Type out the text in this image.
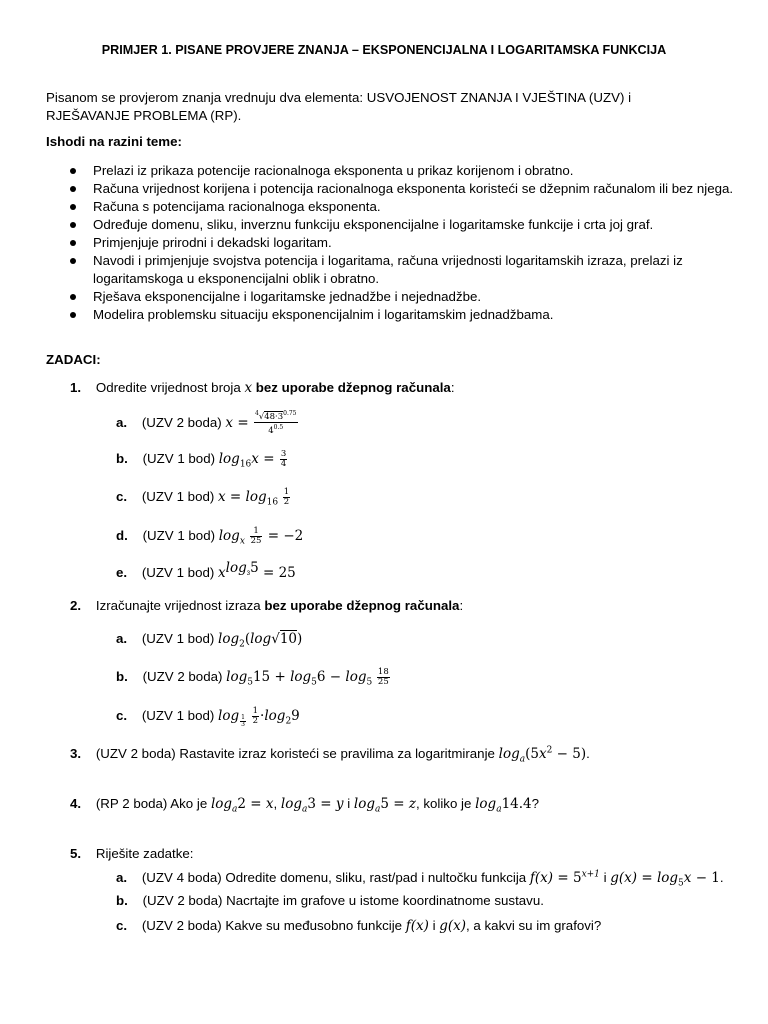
PRIMJER 1. PISANE PROVJERE ZNANJA – EKSPONENCIJALNA I LOGARITAMSKA FUNKCIJA
Pisanom se provjerom znanja vrednuju dva elementa: USVOJENOST ZNANJA I VJEŠTINA (UZV) i RJEŠAVANJE PROBLEMA (RP).
Ishodi na razini teme:
Prelazi iz prikaza potencije racionalnoga eksponenta u prikaz korijenom i obratno.
Računa vrijednost korijena i potencija racionalnoga eksponenta koristeći se džepnim računalom ili bez njega.
Računa s potencijama racionalnoga eksponenta.
Određuje domenu, sliku, inverznu funkciju eksponencijalne i logaritamske funkcije i crta joj graf.
Primjenjuje prirodni i dekadski logaritam.
Navodi i primjenjuje svojstva potencija i logaritama, računa vrijednosti logaritamskih izraza, prelazi iz logaritamskoga u eksponencijalni oblik i obratno.
Rješava eksponencijalne i logaritamske jednadžbe i nejednadžbe.
Modelira problemsku situaciju eksponencijalnim i logaritamskim jednadžbama.
ZADACI:
1. Odredite vrijednost broja x bez uporabe džepnog računala:
a. (UZV 2 boda) $x = \frac{^4√48\cdot 3^{0.75}}{4^{0.5}}$
b. (UZV 1 bod) $\log_{16}x = \frac{3}{4}$
c. (UZV 1 bod) $x = \log_{16} \frac{1}{2}$
d. (UZV 1 bod) $\log_x \frac{1}{25} = -2$
e. (UZV 1 bod) $x^{log_35} = 25$
2. Izračunajte vrijednost izraza bez uporabe džepnog računala:
a. (UZV 1 bod) $\log_2(\log√10)$
b. (UZV 2 boda) $\log_515 + \log_56 - \log_5 \frac{18}{25}$
c. (UZV 1 bod) log $_{\frac{1}{3}}$
$\frac{1}{2} \cdot\log_29$
3. (UZV 2 boda) Rastavite izraz koristeći se pravilima za logaritmiranje $\log_a(5x^2 - 5)$.
4. (RP 2 boda) Ako je $\log_a2 = x$, $\log_a3 = y$ i $\log_a5 = z$, koliko je $\log_a14.4$?
5. Riješite zadatke:
a. (UZV 4 boda) Odredite domenu, sliku, rast/pad i nultočku funkcija $f(x) = 5^{x+1}$ i $g(x) = \log_5x - 1$.
b. (UZV 2 boda) Nacrtajte im grafove u istome koordinatnome sustavu.
c. (UZV 2 boda) Kakve su međusobno funkcije f(x) i g(x), a kakvi su im grafovi?
